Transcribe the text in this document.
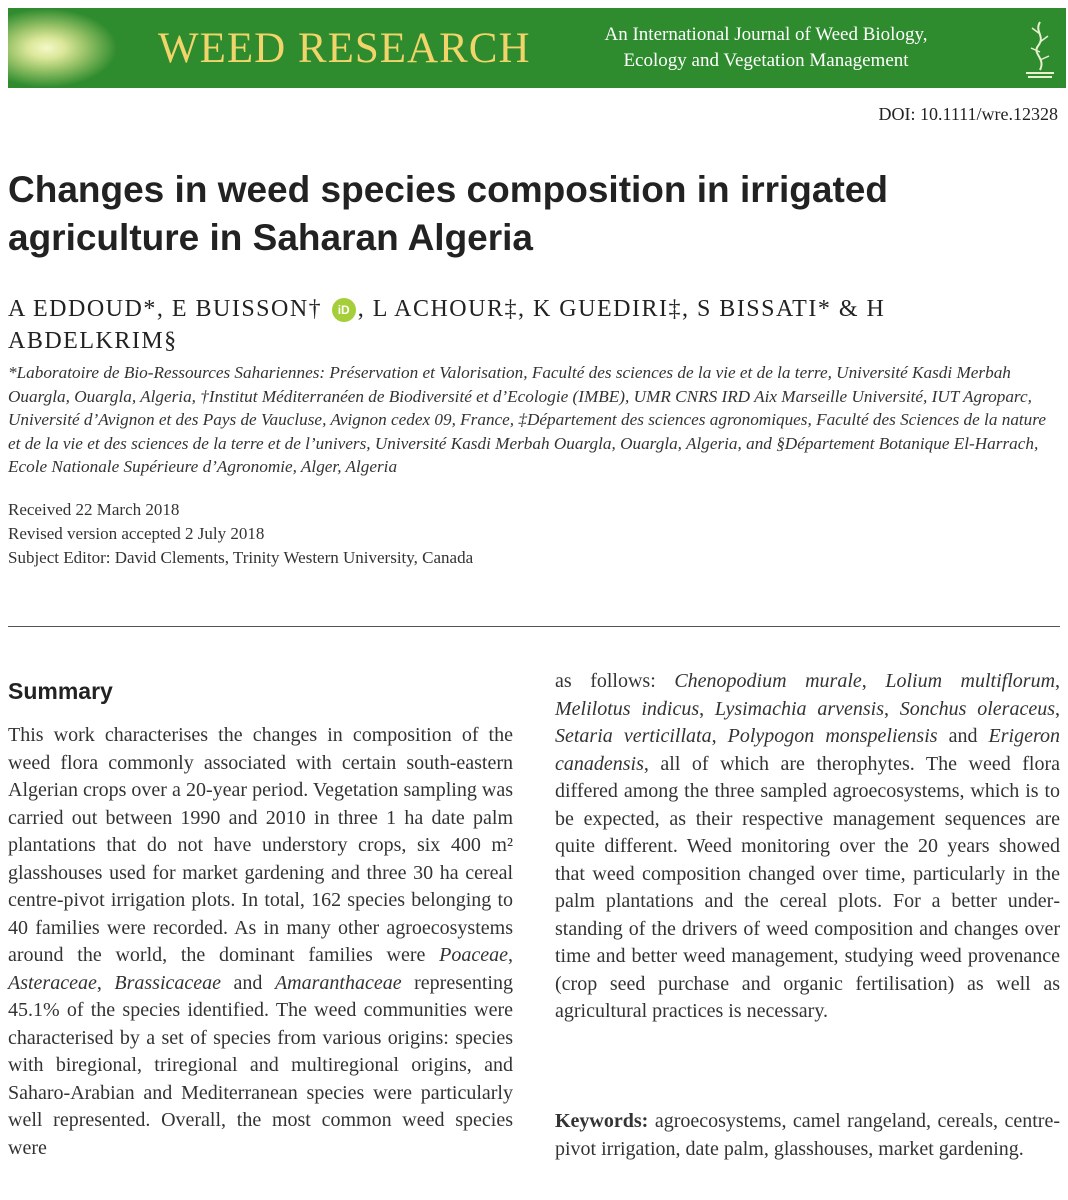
WEED RESEARCH	An International Journal of Weed Biology,
Ecology and Vegetation Management
DOI: 10.1111/wre.12328
Changes in weed species composition in irrigated agriculture in Saharan Algeria
A EDDOUD*, E BUISSON† iD , L ACHOUR‡, K GUEDIRI‡, S BISSATI* & H ABDELKRIM§
*Laboratoire de Bio-Ressources Sahariennes: Préservation et Valorisation, Faculté des sciences de la vie et de la terre, Université Kasdi Merbah Ouargla, Ouargla, Algeria, †Institut Méditerranéen de Biodiversité et d’Ecologie (IMBE), UMR CNRS IRD Aix Marseille Université, IUT Agroparc, Université d’Avignon et des Pays de Vaucluse, Avignon cedex 09, France, ‡Département des sciences agronomiques, Faculté des Sciences de la nature et de la vie et des sciences de la terre et de l’univers, Université Kasdi Merbah Ouargla, Ouargla, Algeria, and §Département Botanique El-Harrach, Ecole Nationale Supérieure d’Agronomie, Alger, Algeria
Received 22 March 2018
Revised version accepted 2 July 2018
Subject Editor: David Clements, Trinity Western University, Canada
Summary
This work characterises the changes in composition of the weed flora commonly associated with certain south-eastern Algerian crops over a 20-year period. Vegetation sampling was carried out between 1990 and 2010 in three 1 ha date palm plantations that do not have understory crops, six 400 m² glasshouses used for market gardening and three 30 ha cereal centre-pivot irrigation plots. In total, 162 species belonging to 40 families were recorded. As in many other agroecosystems around the world, the dominant families were Poaceae, Asteraceae, Brassicaceae and Amaranthaceae representing 45.1% of the species identified. The weed communities were characterised by a set of species from various origins: species with biregional, triregional and multiregional origins, and Saharo-Arabian and Mediterranean species were particularly well represented. Overall, the most common weed species were
as follows: Chenopodium murale, Lolium multiflorum, Melilotus indicus, Lysimachia arvensis, Sonchus oleraceus, Setaria verticillata, Polypogon monspeliensis and Erigeron canadensis, all of which are therophytes. The weed flora differed among the three sampled agroecosystems, which is to be expected, as their respective management sequences are quite different. Weed monitoring over the 20 years showed that weed composition changed over time, particularly in the palm plantations and the cereal plots. For a better understanding of the drivers of weed composition and changes over time and better weed management, studying weed provenance (crop seed purchase and organic fertilisation) as well as agricultural practices is necessary.
Keywords: agroecosystems, camel rangeland, cereals, centre-pivot irrigation, date palm, glasshouses, market gardening.
